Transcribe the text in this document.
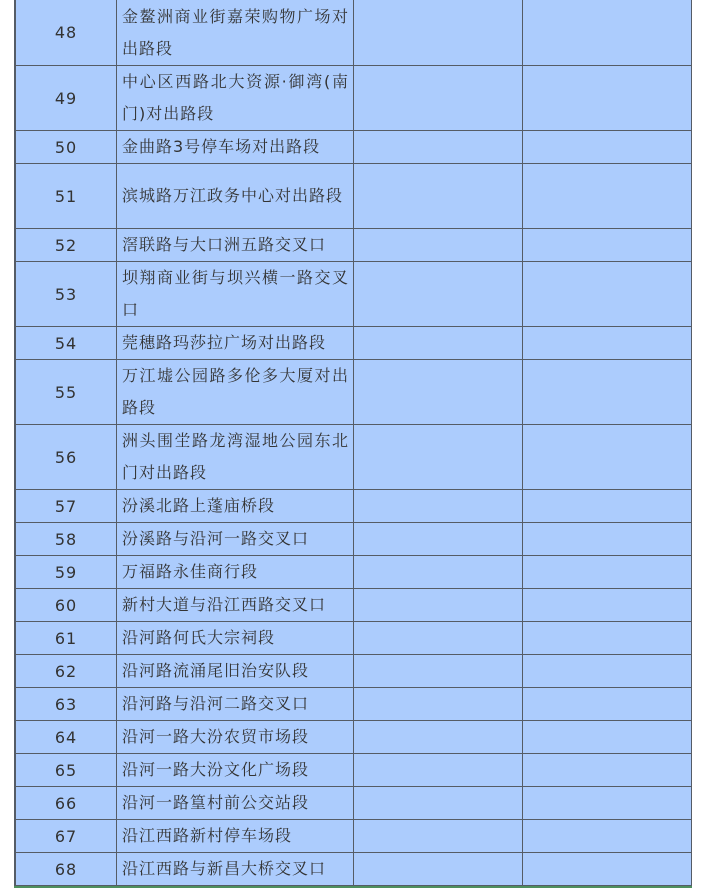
48	金鳌洲商业街嘉荣购物广场对出路段		
49	中心区西路北大资源·御湾(南门)对出路段		
50	金曲路3号停车场对出路段		
51	滨城路万江政务中心对出路段		
52	滘联路与大口洲五路交叉口		
53	坝翔商业街与坝兴横一路交叉口		
54	莞穗路玛莎拉广场对出路段		
55	万江墟公园路多伦多大厦对出路段		
56	洲头围坣路龙湾湿地公园东北门对出路段		
57	汾溪北路上蓬庙桥段		
58	汾溪路与沿河一路交叉口		
59	万福路永佳商行段		
60	新村大道与沿江西路交叉口		
61	沿河路何氏大宗祠段		
62	沿河路流涌尾旧治安队段		
63	沿河路与沿河二路交叉口		
64	沿河一路大汾农贸市场段		
65	沿河一路大汾文化广场段		
66	沿河一路篁村前公交站段		
67	沿江西路新村停车场段		
68	沿江西路与新昌大桥交叉口		
